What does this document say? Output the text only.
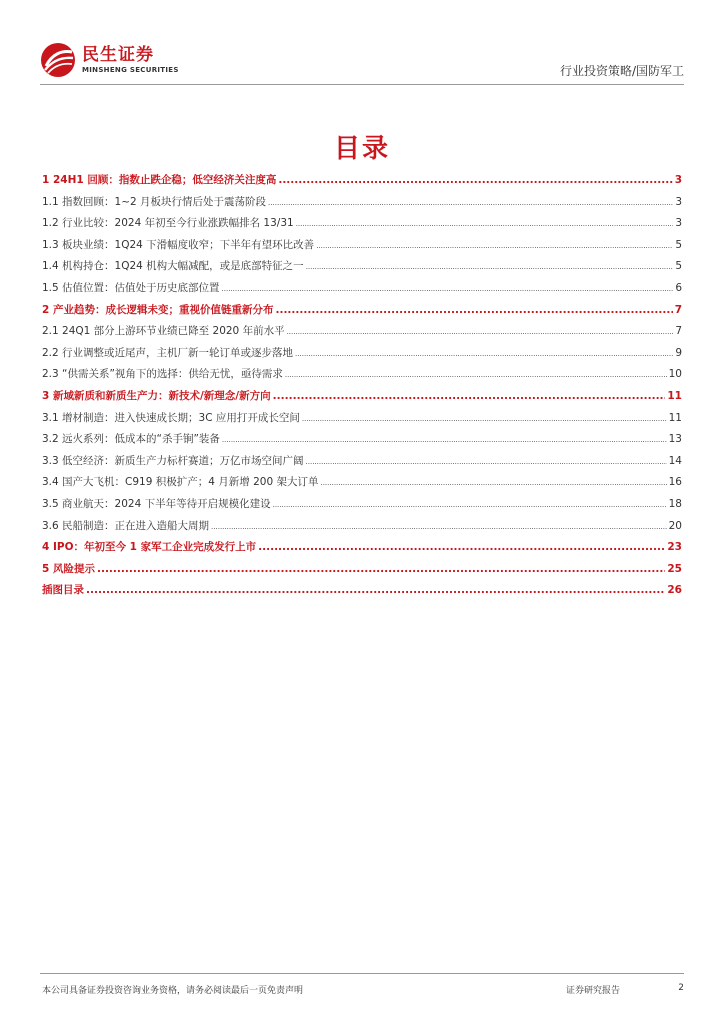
民生证券
MINSHENG SECURITIES	行业投资策略/国防军工
目录
1 24H1 回顾：指数止跌企稳；低空经济关注度高 .....	3
1.1 指数回顾：1~2 月板块行情后处于震荡阶段 .....	3
1.2 行业比较：2024 年初至今行业涨跌幅排名 13/31 .....	3
1.3 板块业绩：1Q24 下滑幅度收窄；下半年有望环比改善 .....	5
1.4 机构持仓：1Q24 机构大幅减配，或是底部特征之一 .....	5
1.5 估值位置：估值处于历史底部位置 .....	6
2 产业趋势：成长逻辑未变；重视价值链重新分布 .....	7
2.1 24Q1 部分上游环节业绩已降至 2020 年前水平 .....	7
2.2 行业调整或近尾声，主机厂新一轮订单或逐步落地 .....	9
2.3 “供需关系”视角下的选择：供给无忧，亟待需求 .....	10
3 新域新质和新质生产力：新技术/新理念/新方向 .....	11
3.1 增材制造：进入快速成长期；3C 应用打开成长空间 .....	11
3.2 远火系列：低成本的“杀手锏”装备 .....	13
3.3 低空经济：新质生产力标杆赛道；万亿市场空间广阔 .....	14
3.4 国产大飞机：C919 积极扩产；4 月新增 200 架大订单 .....	16
3.5 商业航天：2024 下半年等待开启规模化建设 .....	18
3.6 民船制造：正在进入造船大周期 .....	20
4 IPO：年初至今 1 家军工企业完成发行上市 .....	23
5 风险提示 .....	25
插图目录 .....	26
本公司具备证券投资咨询业务资格，请务必阅读最后一页免责声明	证券研究报告	2
